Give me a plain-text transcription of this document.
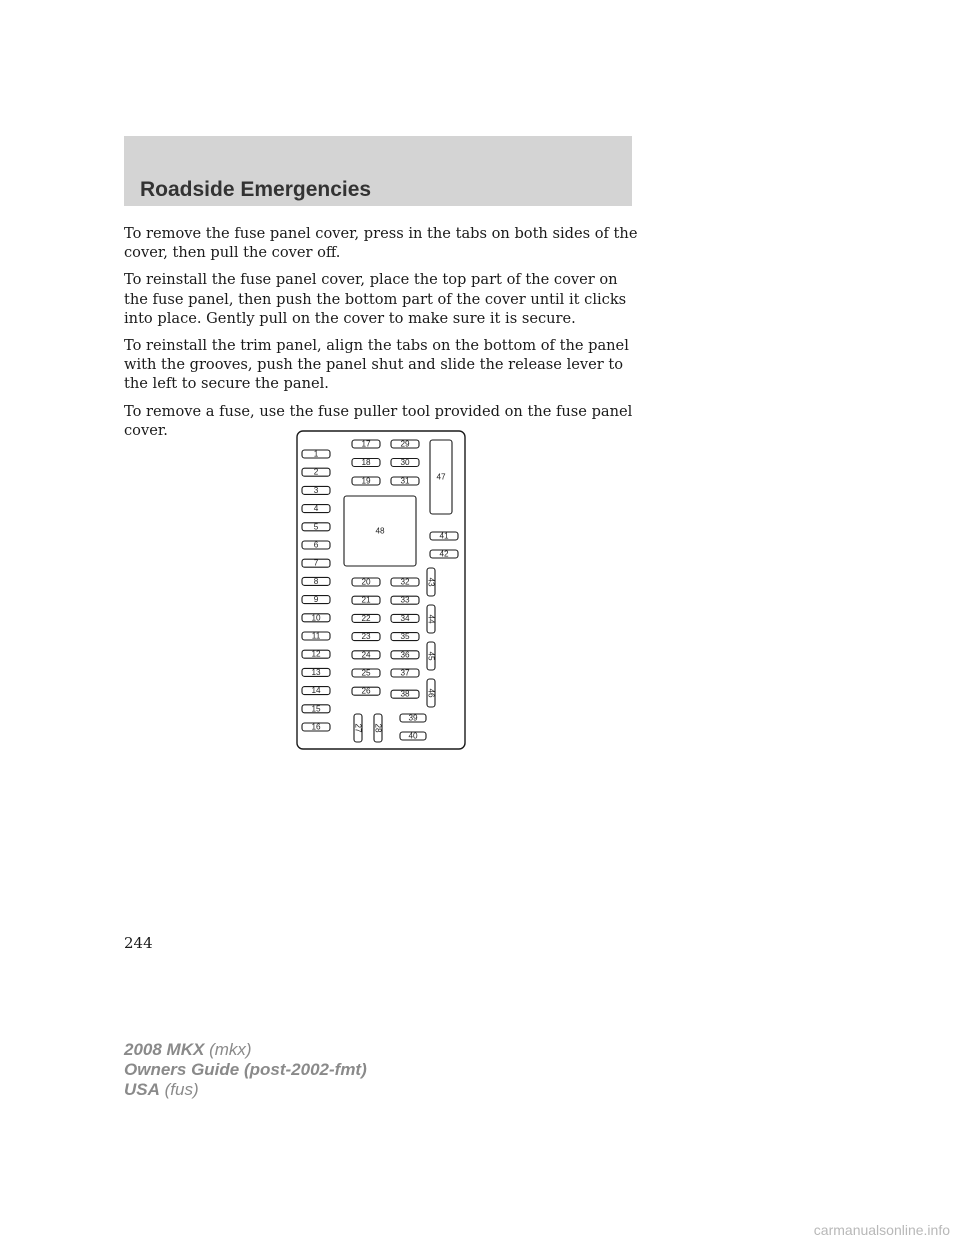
Roadside Emergencies

To remove the fuse panel cover, press in the tabs on both sides of the cover, then pull the cover off.

To reinstall the fuse panel cover, place the top part of the cover on the fuse panel, then push the bottom part of the cover until it clicks into place. Gently pull on the cover to make sure it is secure.

To reinstall the trim panel, align the tabs on the bottom of the panel with the grooves, push the panel shut and slide the release lever to the left to secure the panel.

To remove a fuse, use the fuse puller tool provided on the fuse panel cover.

1
2
3
4
5
6
7
8
9
10
11
12
13
14
15
16
17
18
19
29
30
31	47
48
41
42
20
21
22
23
24
25
26
32
33
34
35
36
37
38
43
44
45
46
27 28
39
40
244
2008 MKX (mkx)
Owners Guide (post-2002-fmt)
USA (fus)
carmanualsonline.info
